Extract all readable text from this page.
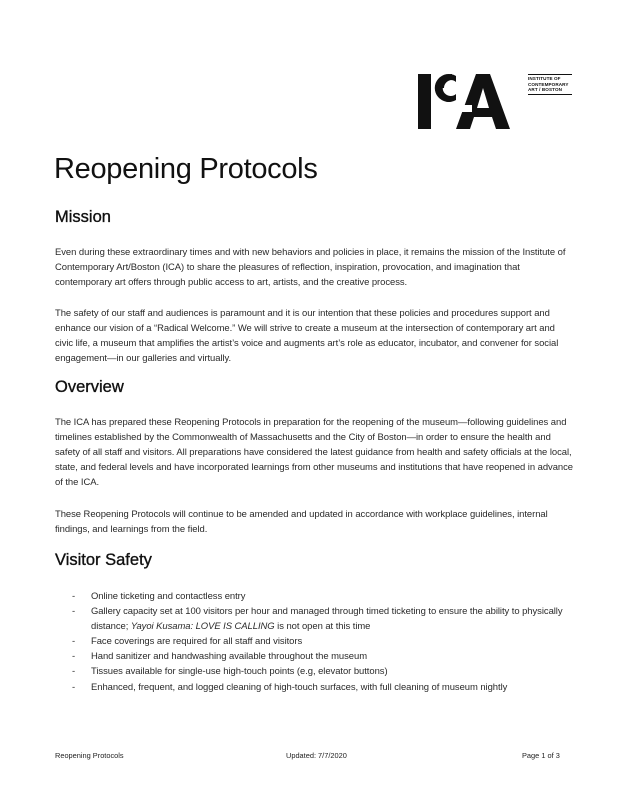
INSTITUTE OF
CONTEMPORARY
ART / BOSTON
Reopening Protocols
Mission

Even during these extraordinary times and with new behaviors and policies in place, it remains the mission of the Institute of Contemporary Art/Boston (ICA) to share the pleasures of reflection, inspiration, provocation, and imagination that contemporary art offers through public access to art, artists, and the creative process.

The safety of our staff and audiences is paramount and it is our intention that these policies and procedures support and enhance our vision of a “Radical Welcome.” We will strive to create a museum at the intersection of contemporary art and civic life, a museum that amplifies the artist’s voice and augments art’s role as educator, incubator, and convener for social engagement—in our galleries and virtually.

Overview

The ICA has prepared these Reopening Protocols in preparation for the reopening of the museum—following guidelines and timelines established by the Commonwealth of Massachusetts and the City of Boston—in order to ensure the health and safety of all staff and visitors. All preparations have considered the latest guidance from health and safety officials at the local, state, and federal levels and have incorporated learnings from other museums and institutions that have reopened in advance of the ICA.

These Reopening Protocols will continue to be amended and updated in accordance with workplace guidelines, internal findings, and learnings from the field.

Visitor Safety
- Online ticketing and contactless entry
- Gallery capacity set at 100 visitors per hour and managed through timed ticketing to ensure the ability to physically distance; Yayoi Kusama: LOVE IS CALLING is not open at this time
- Face coverings are required for all staff and visitors
- Hand sanitizer and handwashing available throughout the museum
- Tissues available for single-use high-touch points (e.g, elevator buttons)
- Enhanced, frequent, and logged cleaning of high-touch surfaces, with full cleaning of museum nightly
Reopening Protocols	Updated: 7/7/2020	Page 1 of 3
